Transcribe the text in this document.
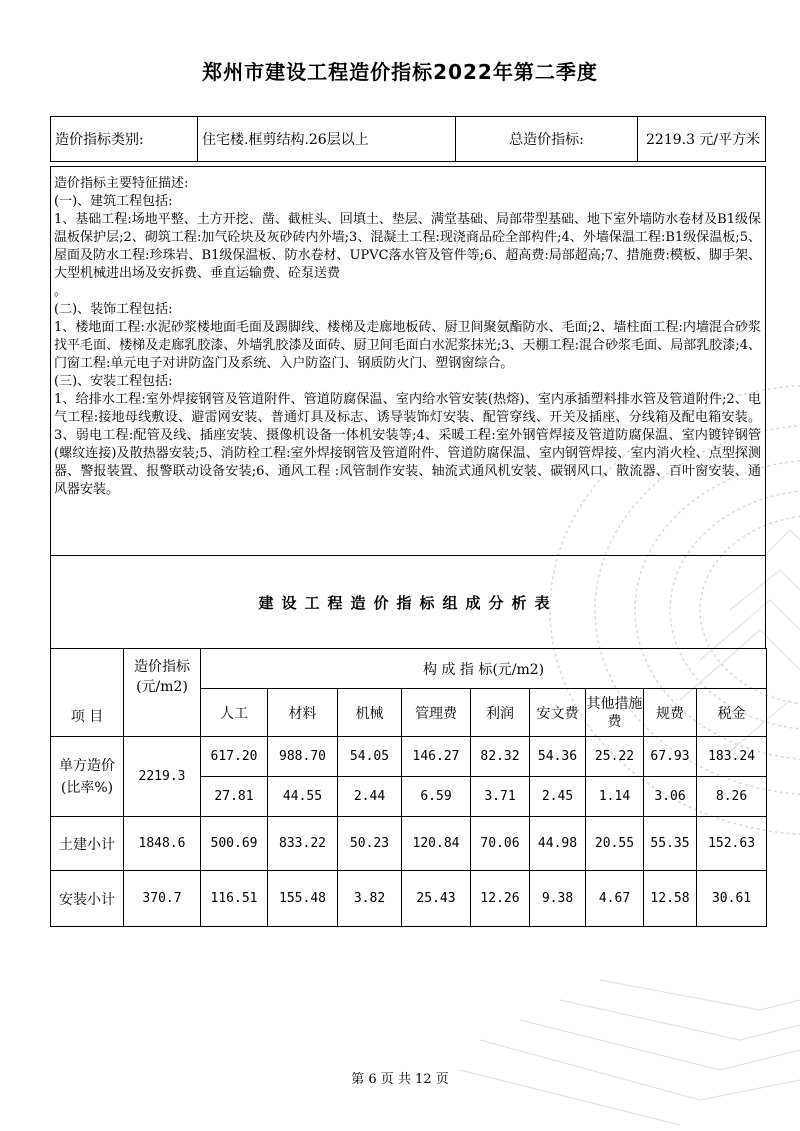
郑州市建设工程造价指标2022年第二季度
造价指标类别:	住宅楼.框剪结构.26层以上	总造价指标:	2219.3 元/平方米

造价指标主要特征描述:

(一)、建筑工程包括:

1、基础工程:场地平整、土方开挖、凿、截桩头、回填土、垫层、满堂基础、局部带型基础、地下室外墙防水卷材及B1级保温板保护层;2、砌筑工程:加气砼块及灰砂砖内外墙;3、混凝土工程:现浇商品砼全部构件;4、外墙保温工程:B1级保温板;5、屋面及防水工程:珍珠岩、B1级保温板、防水卷材、UPVC落水管及管件等;6、超高费:局部超高;7、措施费:模板、脚手架、大型机械进出场及安拆费、垂直运输费、砼泵送费

。

(二)、装饰工程包括:

1、楼地面工程:水泥砂浆楼地面毛面及踢脚线、楼梯及走廊地板砖、厨卫间聚氨酯防水、毛面;2、墙柱面工程:内墙混合砂浆找平毛面、楼梯及走廊乳胶漆、外墙乳胶漆及面砖、厨卫间毛面白水泥浆抹光;3、天棚工程:混合砂浆毛面、局部乳胶漆;4、门窗工程:单元电子对讲防盗门及系统、入户防盗门、钢质防火门、塑钢窗综合。

(三)、安装工程包括:

1、给排水工程:室外焊接钢管及管道附件、管道防腐保温、室内给水管安装(热熔)、室内承插塑料排水管及管道附件;2、电气工程:接地母线敷设、避雷网安装、普通灯具及标志、诱导装饰灯安装、配管穿线、开关及插座、分线箱及配电箱安装。3、弱电工程:配管及线、插座安装、摄像机设备一体机安装等;4、采暖工程:室外钢管焊接及管道防腐保温、室内镀锌钢管(螺纹连接)及散热器安装;5、消防栓工程:室外焊接钢管及管道附件、管道防腐保温、室内钢管焊接、室内消火栓、点型探测器、警报装置、报警联动设备安装;6、通风工程 :风管制作安装、轴流式通风机安装、碳钢风口、散流器、百叶窗安装、通风器安装。

建设工程造价指标组成分析表
项 目	造价指标(元/m2)	构 成 指 标(元/m2)								
		人工	材料	机械	管理费	利润	安文费	其他措施费	规费	税金
单方造价(比率%)	2219.3	617.20	988.70	54.05	146.27	82.32	54.36	25.22	67.93	183.24
		27.81	44.55	2.44	6.59	3.71	2.45	1.14	3.06	8.26
土建小计	1848.6	500.69	833.22	50.23	120.84	70.06	44.98	20.55	55.35	152.63
安装小计	370.7	116.51	155.48	3.82	25.43	12.26	9.38	4.67	12.58	30.61
第 6 页 共 12 页
